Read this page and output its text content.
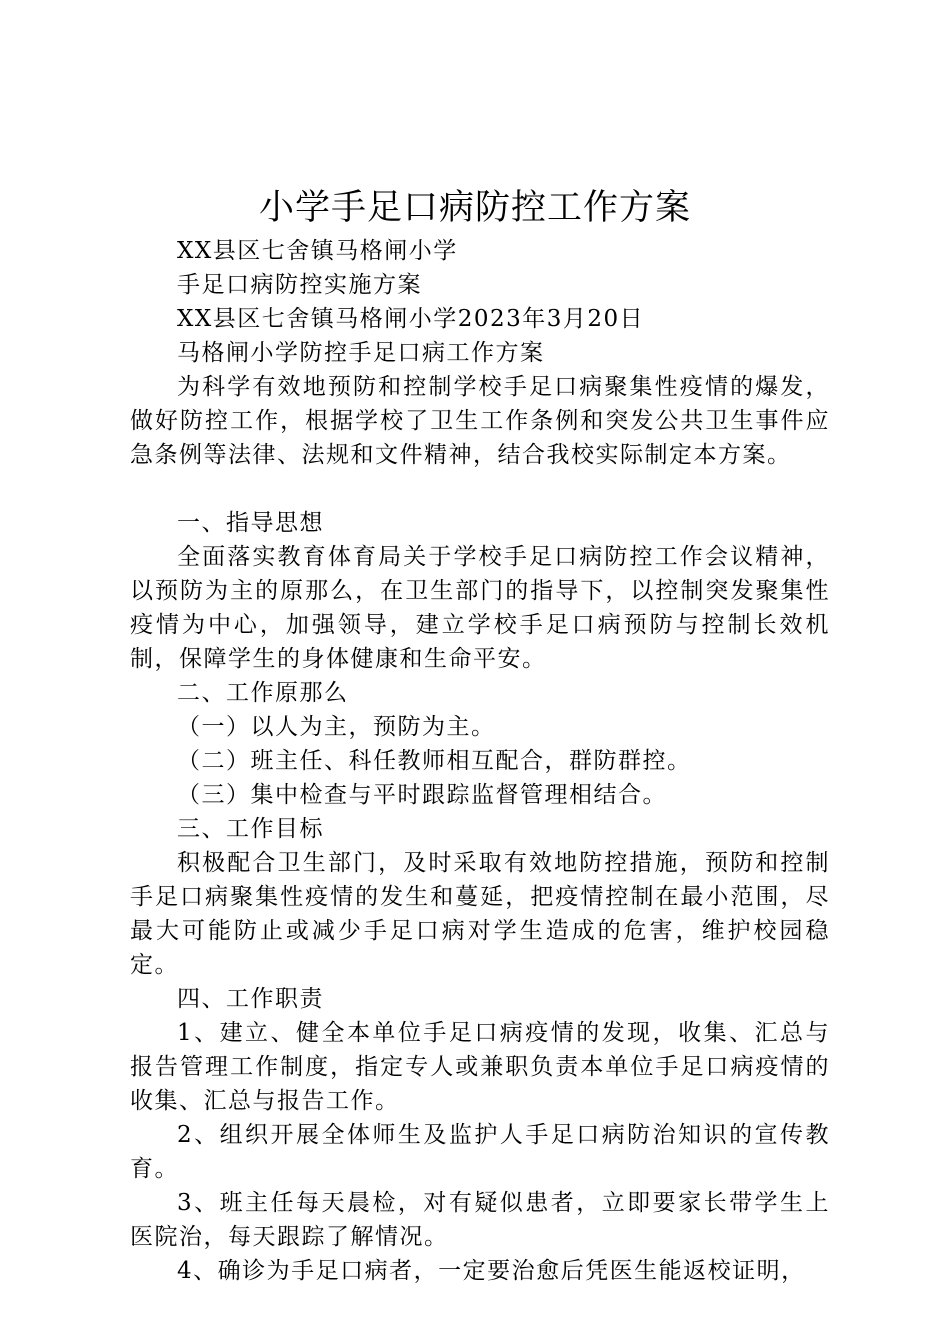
小学手足口病防控工作方案

XX县区七舍镇马格闸小学

手足口病防控实施方案

XX县区七舍镇马格闸小学2023年3月20日

马格闸小学防控手足口病工作方案

为科学有效地预防和控制学校手足口病聚集性疫情的爆发，做好防控工作，根据学校了卫生工作条例和突发公共卫生事件应急条例等法律、法规和文件精神，结合我校实际制定本方案。

一、指导思想

全面落实教育体育局关于学校手足口病防控工作会议精神，以预防为主的原那么，在卫生部门的指导下，以控制突发聚集性疫情为中心，加强领导，建立学校手足口病预防与控制长效机制，保障学生的身体健康和生命平安。

二、工作原那么

（一）以人为主，预防为主。

（二）班主任、科任教师相互配合，群防群控。

（三）集中检查与平时跟踪监督管理相结合。

三、工作目标

积极配合卫生部门，及时采取有效地防控措施，预防和控制手足口病聚集性疫情的发生和蔓延，把疫情控制在最小范围，尽最大可能防止或减少手足口病对学生造成的危害，维护校园稳定。

四、工作职责

1、建立、健全本单位手足口病疫情的发现，收集、汇总与报告管理工作制度，指定专人或兼职负责本单位手足口病疫情的收集、汇总与报告工作。

2、组织开展全体师生及监护人手足口病防治知识的宣传教育。

3、班主任每天晨检，对有疑似患者，立即要家长带学生上医院治，每天跟踪了解情况。

4、确诊为手足口病者，一定要治愈后凭医生能返校证明，
